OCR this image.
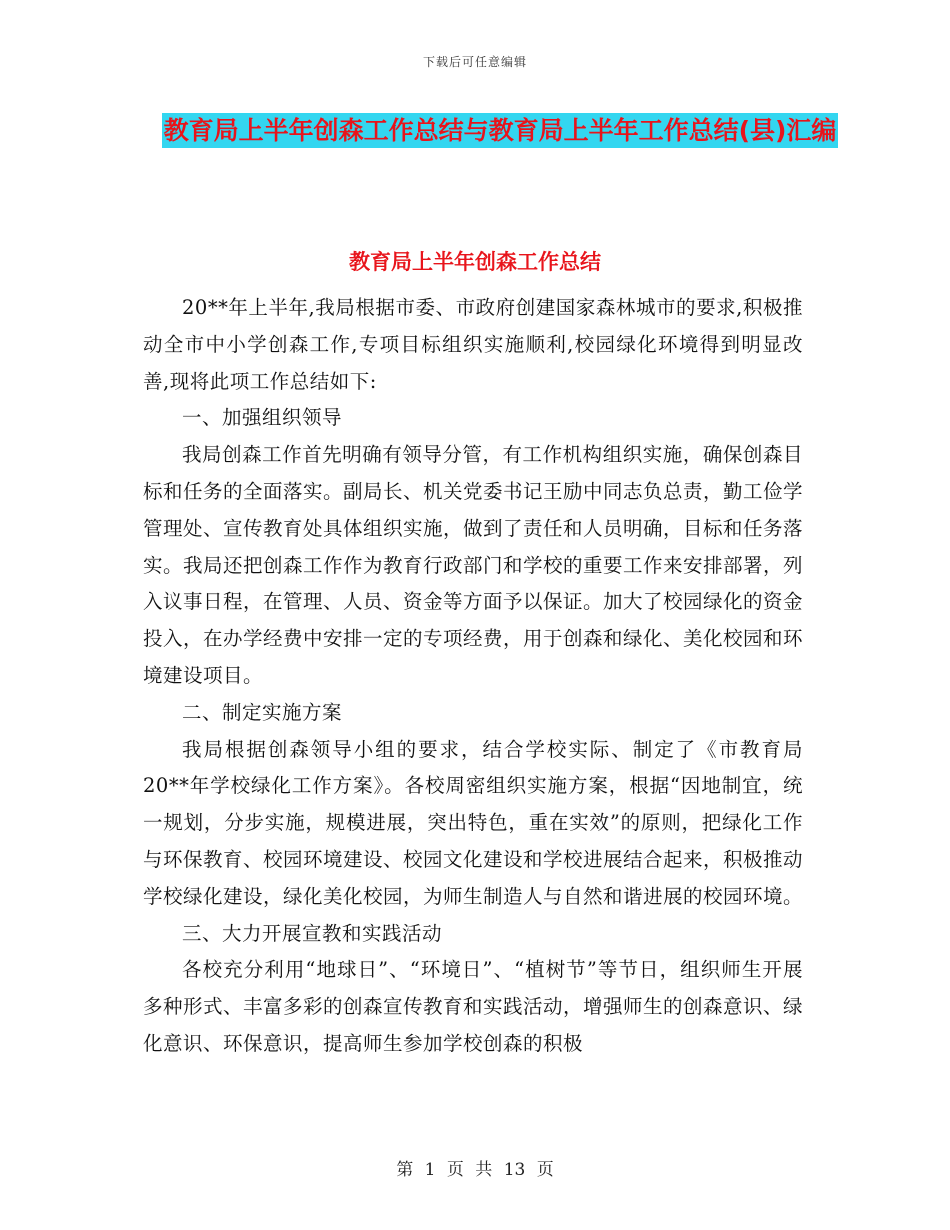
下载后可任意编辑
教育局上半年创森工作总结与教育局上半年工作总结(县)汇编
教育局上半年创森工作总结

20**年上半年,我局根据市委、市政府创建国家森林城市的要求,积极推动全市中小学创森工作,专项目标组织实施顺利,校园绿化环境得到明显改善,现将此项工作总结如下:

一、加强组织领导

我局创森工作首先明确有领导分管，有工作机构组织实施，确保创森目标和任务的全面落实。副局长、机关党委书记王励中同志负总责，勤工俭学管理处、宣传教育处具体组织实施，做到了责任和人员明确，目标和任务落实。我局还把创森工作作为教育行政部门和学校的重要工作来安排部署，列入议事日程，在管理、人员、资金等方面予以保证。加大了校园绿化的资金投入，在办学经费中安排一定的专项经费，用于创森和绿化、美化校园和环境建设项目。

二、制定实施方案

我局根据创森领导小组的要求，结合学校实际、制定了《市教育局20**年学校绿化工作方案》。各校周密组织实施方案，根据“因地制宜，统一规划，分步实施，规模进展，突出特色，重在实效”的原则，把绿化工作与环保教育、校园环境建设、校园文化建设和学校进展结合起来，积极推动学校绿化建设，绿化美化校园，为师生制造人与自然和谐进展的校园环境。

三、大力开展宣教和实践活动

各校充分利用“地球日”、“环境日”、“植树节”等节日，组织师生开展多种形式、丰富多彩的创森宣传教育和实践活动，增强师生的创森意识、绿化意识、环保意识，提高师生参加学校创森的积极

第 1 页 共 13 页
